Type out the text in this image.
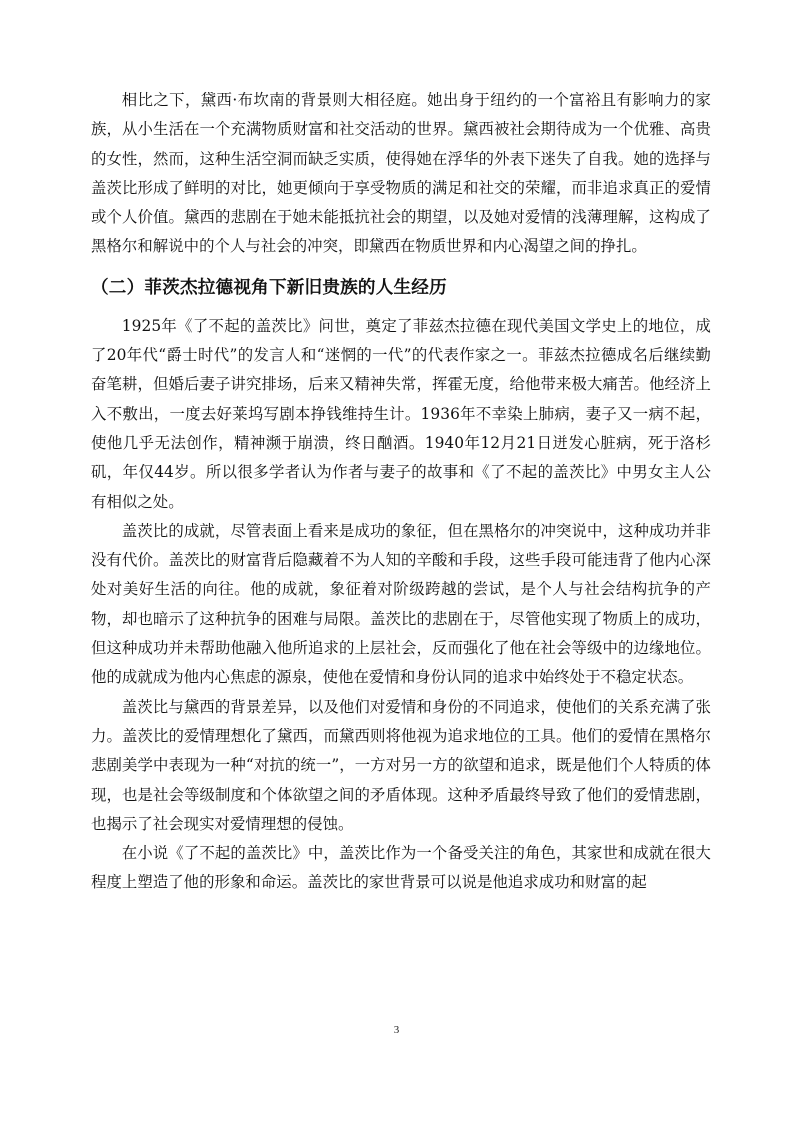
相比之下，黛西·布坎南的背景则大相径庭。她出身于纽约的一个富裕且有影响力的家族，从小生活在一个充满物质财富和社交活动的世界。黛西被社会期待成为一个优雅、高贵的女性，然而，这种生活空洞而缺乏实质，使得她在浮华的外表下迷失了自我。她的选择与盖茨比形成了鲜明的对比，她更倾向于享受物质的满足和社交的荣耀，而非追求真正的爱情或个人价值。黛西的悲剧在于她未能抵抗社会的期望，以及她对爱情的浅薄理解，这构成了黑格尔和解说中的个人与社会的冲突，即黛西在物质世界和内心渴望之间的挣扎。

（二）菲茨杰拉德视角下新旧贵族的人生经历

1925年《了不起的盖茨比》问世，奠定了菲兹杰拉德在现代美国文学史上的地位，成了20年代“爵士时代”的发言人和“迷惘的一代”的代表作家之一。菲兹杰拉德成名后继续勤奋笔耕，但婚后妻子讲究排场，后来又精神失常，挥霍无度，给他带来极大痛苦。他经济上入不敷出，一度去好莱坞写剧本挣钱维持生计。1936年不幸染上肺病，妻子又一病不起，使他几乎无法创作，精神濒于崩溃，终日酗酒。1940年12月21日迸发心脏病，死于洛杉矶，年仅44岁。所以很多学者认为作者与妻子的故事和《了不起的盖茨比》中男女主人公有相似之处。

盖茨比的成就，尽管表面上看来是成功的象征，但在黑格尔的冲突说中，这种成功并非没有代价。盖茨比的财富背后隐藏着不为人知的辛酸和手段，这些手段可能违背了他内心深处对美好生活的向往。他的成就，象征着对阶级跨越的尝试，是个人与社会结构抗争的产物，却也暗示了这种抗争的困难与局限。盖茨比的悲剧在于，尽管他实现了物质上的成功，但这种成功并未帮助他融入他所追求的上层社会，反而强化了他在社会等级中的边缘地位。他的成就成为他内心焦虑的源泉，使他在爱情和身份认同的追求中始终处于不稳定状态。

盖茨比与黛西的背景差异，以及他们对爱情和身份的不同追求，使他们的关系充满了张力。盖茨比的爱情理想化了黛西，而黛西则将他视为追求地位的工具。他们的爱情在黑格尔悲剧美学中表现为一种“对抗的统一”，一方对另一方的欲望和追求，既是他们个人特质的体现，也是社会等级制度和个体欲望之间的矛盾体现。这种矛盾最终导致了他们的爱情悲剧，也揭示了社会现实对爱情理想的侵蚀。

在小说《了不起的盖茨比》中，盖茨比作为一个备受关注的角色，其家世和成就在很大程度上塑造了他的形象和命运。盖茨比的家世背景可以说是他追求成功和财富的起

3
